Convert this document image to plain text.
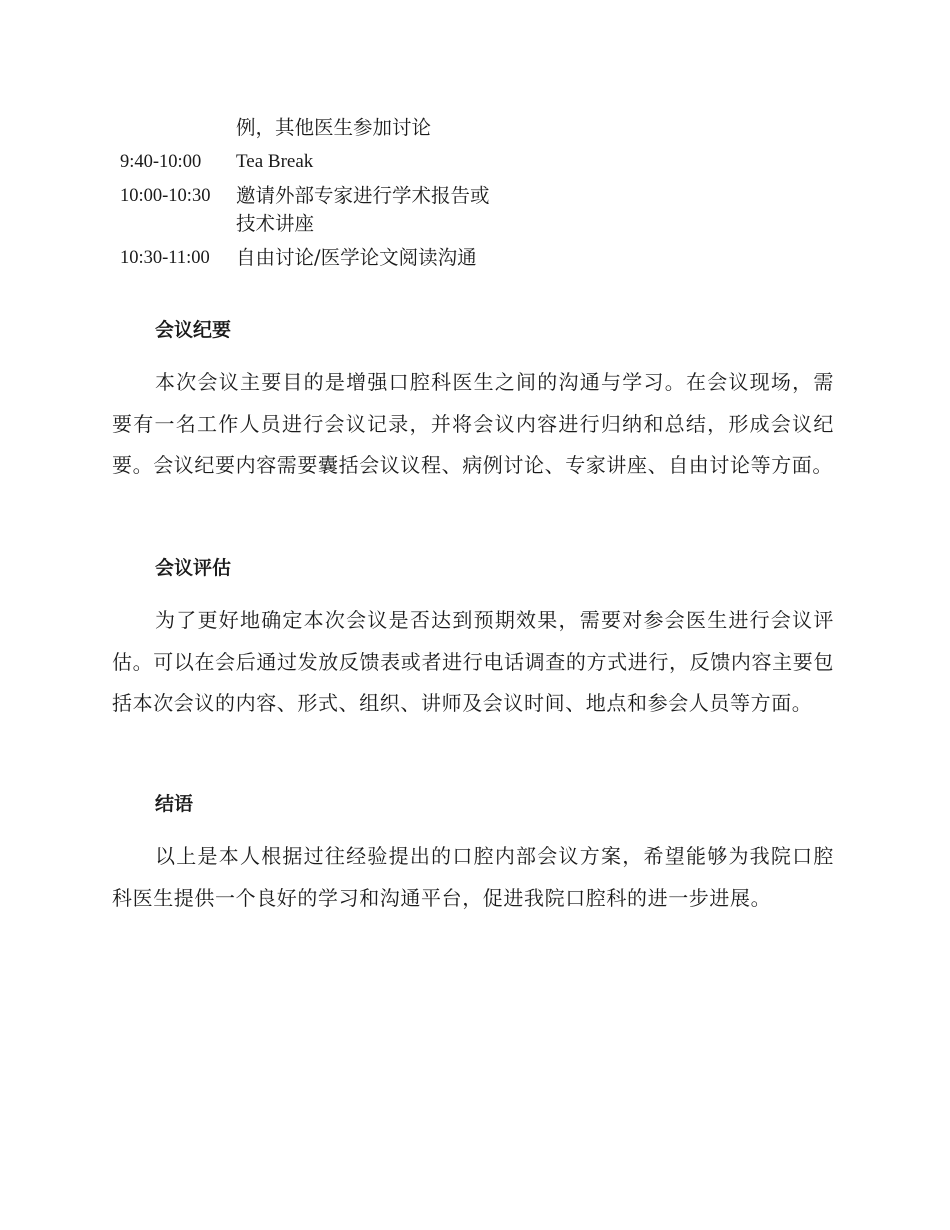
例，其他医生参加讨论
9:40-10:00	Tea Break
10:00-10:30	邀请外部专家进行学术报告或技术讲座
10:30-11:00	自由讨论/医学论文阅读沟通
会议纪要

本次会议主要目的是增强口腔科医生之间的沟通与学习。在会议现场，需要有一名工作人员进行会议记录，并将会议内容进行归纳和总结，形成会议纪要。会议纪要内容需要囊括会议议程、病例讨论、专家讲座、自由讨论等方面。

会议评估

为了更好地确定本次会议是否达到预期效果，需要对参会医生进行会议评估。可以在会后通过发放反馈表或者进行电话调查的方式进行，反馈内容主要包括本次会议的内容、形式、组织、讲师及会议时间、地点和参会人员等方面。

结语

以上是本人根据过往经验提出的口腔内部会议方案，希望能够为我院口腔科医生提供一个良好的学习和沟通平台，促进我院口腔科的进一步进展。
